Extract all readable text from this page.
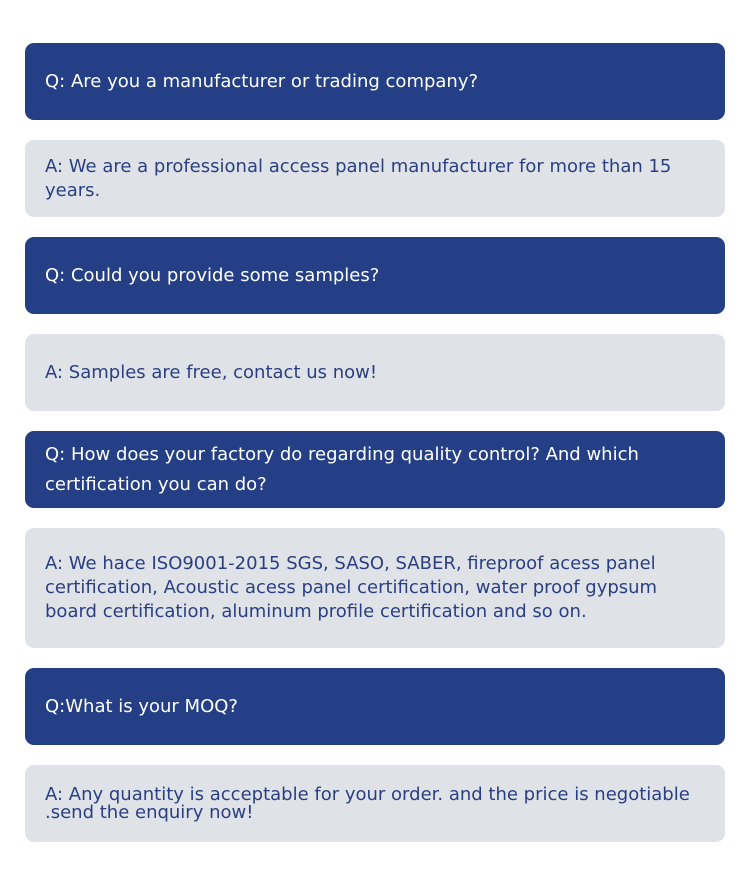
Q: Are you a manufacturer or trading company?
A: We are a professional access panel manufacturer for more than 15 years.
Q: Could you provide some samples?
A: Samples are free, contact us now!
Q: How does your factory do regarding quality control? And which certification you can do?
A: We hace ISO9001-2015 SGS, SASO, SABER, fireproof acess panel certification, Acoustic acess panel certification, water proof gypsum board certification, aluminum profile certification and so on.
Q:What is your MOQ?
A: Any quantity is acceptable for your order. and the price is negotiable .send the enquiry now!
